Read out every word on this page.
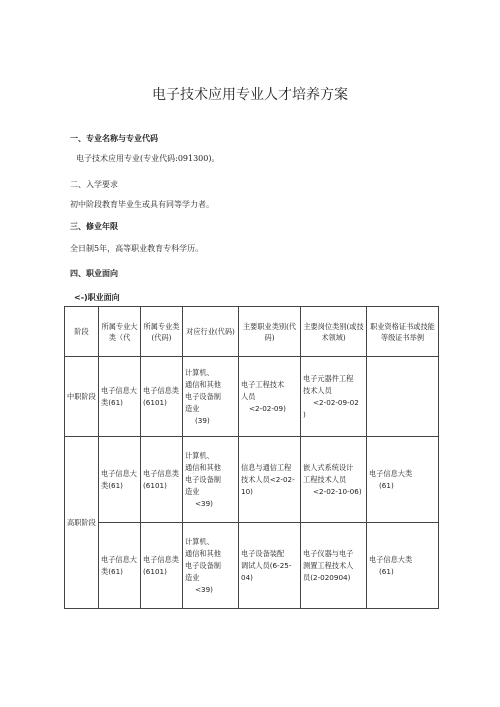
电子技术应用专业人才培养方案
一、专业名称与专业代码
电子技术应用专业(专业代码:091300)。
二、入学要求
初中阶段教育毕业生或具有同等学力者。
三、修业年限
全日制5年，高等职业教育专科学历。
四、职业面向
<-)职业面向
阶段	所属专业大类（代	所属专业类(代码)	对应行业(代码)	主要职业类别(代码)	主要岗位类别(或技术领域)	职业资格证书或技能等级证书举例
中职阶段	电子信息大类(61)	电子信息类(6101)	计算机、
通信和其他
电子设备制
造业
(39)	电子工程技术
人员
<2-02-09)	电子元器件工程
技术人员
<2-02-09-02
)	

高职阶段	电子信息大类(61)	电子信息类(6101)	计算机、
通信和其他
电子设备制
造业
<39)	信息与通信工程
技术人员<2-02-
10)	嵌人式系统设计
工程技术人员
<2-02-10-06)	电子信息大类
(61)

	电子信息大类(61)	电子信息类(6101)	计算机、
通信和其他
电子设备制
造业
<39)	电子设备装配
调试人员(6-25-04)	电子仪器与电子
测置工程技术人
员(2-020904)	电子信息大类
(61)
